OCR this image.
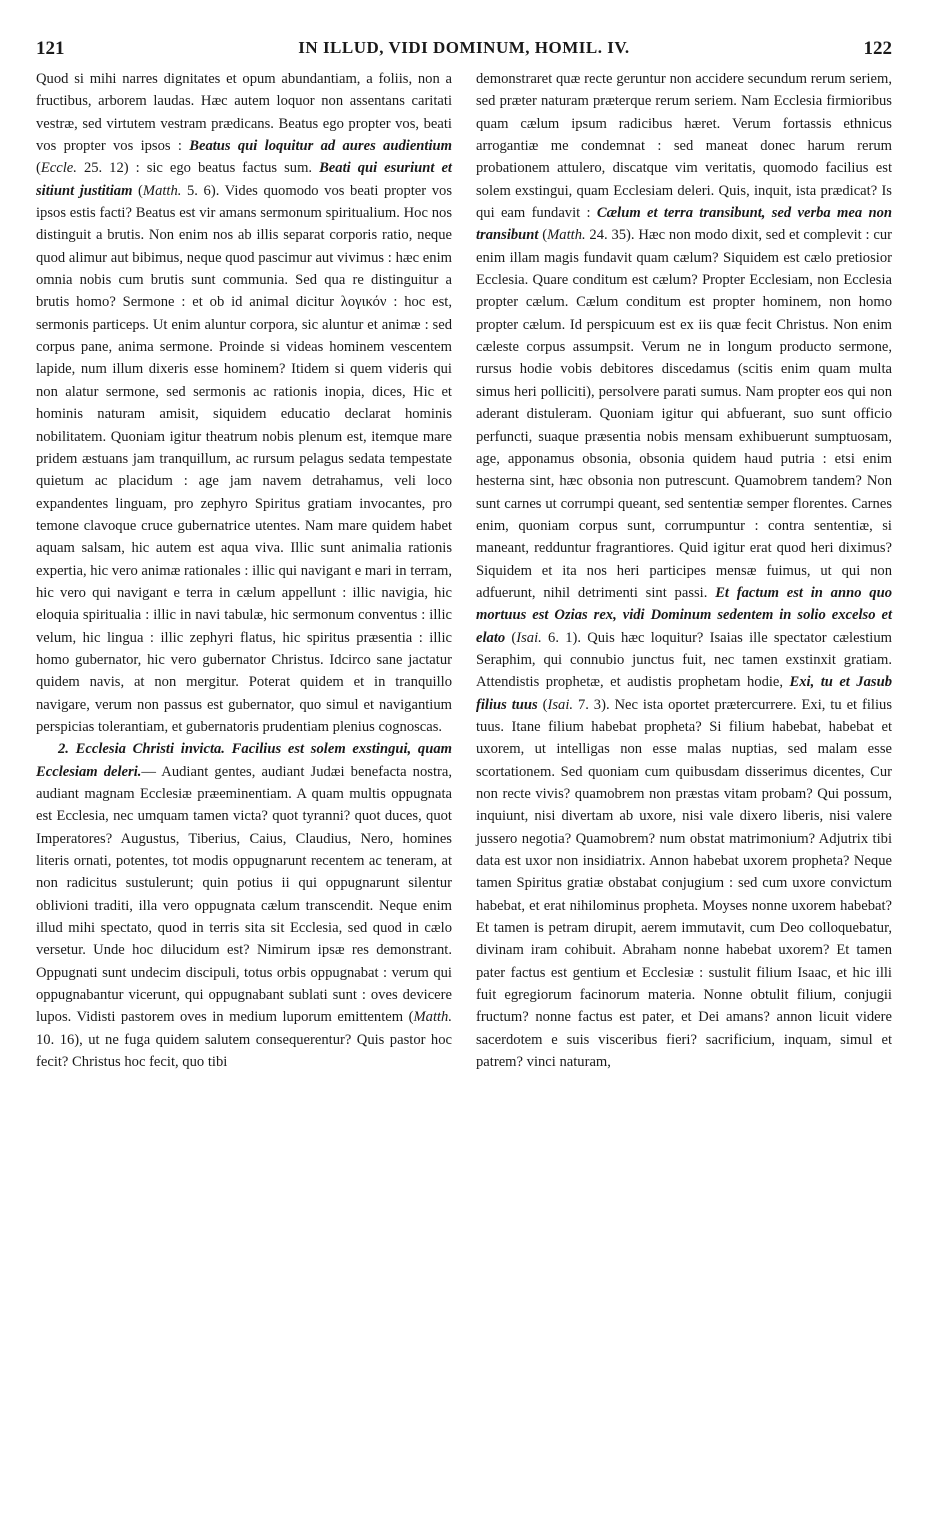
121	IN ILLUD, VIDI DOMINUM, HOMIL. IV.	122

Quod si mihi narres dignitates et opum abundantiam, a foliis, non a fructibus, arborem laudas. Hæc autem loquor non assentans caritati vestræ, sed virtutem vestram prædicans. Beatus ego propter vos, beati vos propter vos ipsos : Beatus qui loquitur ad aures audientium (Eccle. 25. 12) : sic ego beatus factus sum. Beati qui esuriunt et sitiunt justitiam (Matth. 5. 6). Vides quomodo vos beati propter vos ipsos estis facti? Beatus est vir amans sermonum spiritualium. Hoc nos distinguit a brutis. Non enim nos ab illis separat corporis ratio, neque quod alimur aut bibimus, neque quod pascimur aut vivimus : hæc enim omnia nobis cum brutis sunt communia. Sed qua re distinguitur a brutis homo? Sermone : et ob id animal dicitur λογικόν : hoc est, sermonis particeps. Ut enim aluntur corpora, sic aluntur et animæ : sed corpus pane, anima sermone. Proinde si videas hominem vescentem lapide, num illum dixeris esse hominem? Itidem si quem videris qui non alatur sermone, sed sermonis ac rationis inopia, dices, Hic et hominis naturam amisit, siquidem educatio declarat hominis nobilitatem. Quoniam igitur theatrum nobis plenum est, itemque mare pridem æstuans jam tranquillum, ac rursum pelagus sedata tempestate quietum ac placidum : age jam navem detrahamus, veli loco expandentes linguam, pro zephyro Spiritus gratiam invocantes, pro temone clavoque cruce gubernatrice utentes. Nam mare quidem habet aquam salsam, hic autem est aqua viva. Illic sunt animalia rationis expertia, hic vero animæ rationales : illic qui navigant e mari in terram, hic vero qui navigant e terra in cælum appellunt : illic navigia, hic eloquia spiritualia : illic in navi tabulæ, hic sermonum conventus : illic velum, hic lingua : illic zephyri flatus, hic spiritus præsentia : illic homo gubernator, hic vero gubernator Christus. Idcirco sane jactatur quidem navis, at non mergitur. Poterat quidem et in tranquillo navigare, verum non passus est gubernator, quo simul et navigantium perspicias tolerantiam, et gubernatoris prudentiam plenius cognoscas.

2. Ecclesia Christi invicta. Facilius est solem exstingui, quam Ecclesiam deleri.— Audiant gentes, audiant Judæi benefacta nostra, audiant magnam Ecclesiæ præeminentiam. A quam multis oppugnata est Ecclesia, nec umquam tamen victa? quot tyranni? quot duces, quot Imperatores? Augustus, Tiberius, Caius, Claudius, Nero, homines literis ornati, potentes, tot modis oppugnarunt recentem ac teneram, at non radicitus sustulerunt; quin potius ii qui oppugnarunt silentur oblivioni traditi, illa vero oppugnata cælum transcendit. Neque enim illud mihi spectato, quod in terris sita sit Ecclesia, sed quod in cælo versetur. Unde hoc dilucidum est? Nimirum ipsæ res demonstrant. Oppugnati sunt undecim discipuli, totus orbis oppugnabat : verum qui oppugnabantur vicerunt, qui oppugnabant sublati sunt : oves devicere lupos. Vidisti pastorem oves in medium luporum emittentem (Matth. 10. 16), ut ne fuga quidem salutem consequerentur? Quis pastor hoc fecit? Christus hoc fecit, quo tibi

demonstraret quæ recte geruntur non accidere secundum rerum seriem, sed præter naturam præterque rerum seriem. Nam Ecclesia firmioribus quam cælum ipsum radicibus hæret. Verum fortassis ethnicus arrogantiæ me condemnat : sed maneat donec harum rerum probationem attulero, discatque vim veritatis, quomodo facilius est solem exstingui, quam Ecclesiam deleri. Quis, inquit, ista prædicat? Is qui eam fundavit : Cælum et terra transibunt, sed verba mea non transibunt (Matth. 24. 35). Hæc non modo dixit, sed et complevit : cur enim illam magis fundavit quam cælum? Siquidem est cælo pretiosior Ecclesia. Quare conditum est cælum? Propter Ecclesiam, non Ecclesia propter cælum. Cælum conditum est propter hominem, non homo propter cælum. Id perspicuum est ex iis quæ fecit Christus. Non enim cæleste corpus assumpsit. Verum ne in longum producto sermone, rursus hodie vobis debitores discedamus (scitis enim quam multa simus heri polliciti), persolvere parati sumus. Nam propter eos qui non aderant distuleram. Quoniam igitur qui abfuerant, suo sunt officio perfuncti, suaque præsentia nobis mensam exhibuerunt sumptuosam, age, apponamus obsonia, obsonia quidem haud putria : etsi enim hesterna sint, hæc obsonia non putrescunt. Quamobrem tandem? Non sunt carnes ut corrumpi queant, sed sententiæ semper florentes. Carnes enim, quoniam corpus sunt, corrumpuntur : contra sententiæ, si maneant, redduntur fragrantiores. Quid igitur erat quod heri diximus? Siquidem et ita nos heri participes mensæ fuimus, ut qui non adfuerunt, nihil detrimenti sint passi. Et factum est in anno quo mortuus est Ozias rex, vidi Dominum sedentem in solio excelso et elato (Isai. 6. 1). Quis hæc loquitur? Isaias ille spectator cælestium Seraphim, qui connubio junctus fuit, nec tamen exstinxit gratiam. Attendistis prophetæ, et audistis prophetam hodie, Exi, tu et Jasub filius tuus (Isai. 7. 3). Nec ista oportet prætercurrere. Exi, tu et filius tuus. Itane filium habebat propheta? Si filium habebat, habebat et uxorem, ut intelligas non esse malas nuptias, sed malam esse scortationem. Sed quoniam cum quibusdam disserimus dicentes, Cur non recte vivis? quamobrem non præstas vitam probam? Qui possum, inquiunt, nisi divertam ab uxore, nisi vale dixero liberis, nisi valere jussero negotia? Quamobrem? num obstat matrimonium? Adjutrix tibi data est uxor non insidiatrix. Annon habebat uxorem propheta? Neque tamen Spiritus gratiæ obstabat conjugium : sed cum uxore convictum habebat, et erat nihilominus propheta. Moyses nonne uxorem habebat? Et tamen is petram dirupit, aerem immutavit, cum Deo colloquebatur, divinam iram cohibuit. Abraham nonne habebat uxorem? Et tamen pater factus est gentium et Ecclesiæ : sustulit filium Isaac, et hic illi fuit egregiorum facinorum materia. Nonne obtulit filium, conjugii fructum? nonne factus est pater, et Dei amans? annon licuit videre sacerdotem e suis visceribus fieri? sacrificium, inquam, simul et patrem? vinci naturam,
